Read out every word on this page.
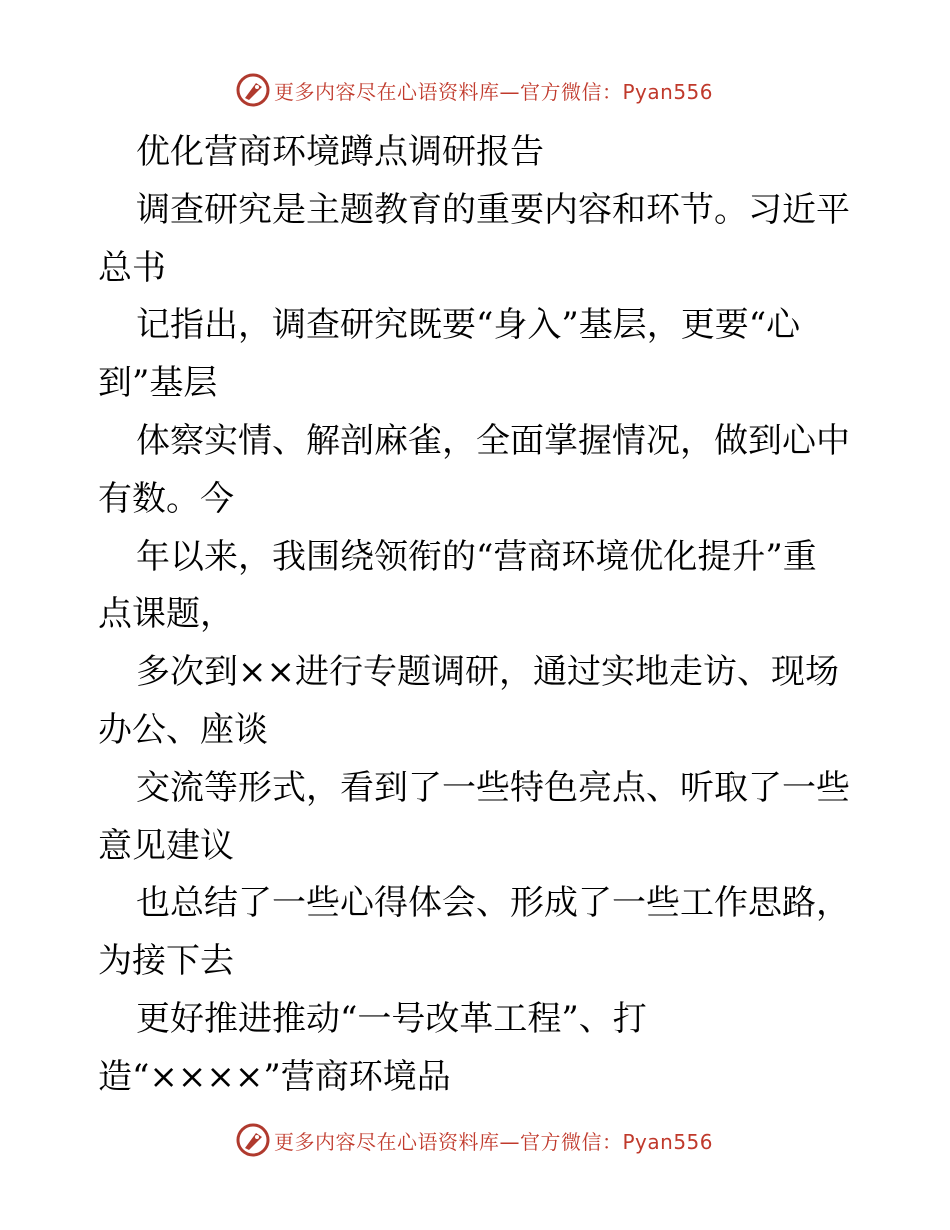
更多内容尽在心语资料库—官方微信：Pyan556
优化营商环境蹲点调研报告
调查研究是主题教育的重要内容和环节。习近平
总书
记指出，调查研究既要“身入”基层，更要“心
到”基层
体察实情、解剖麻雀，全面掌握情况，做到心中
有数。今
年以来，我围绕领衔的“营商环境优化提升”重
点课题，
多次到××进行专题调研，通过实地走访、现场
办公、座谈
交流等形式，看到了一些特色亮点、听取了一些
意见建议
也总结了一些心得体会、形成了一些工作思路，
为接下去
更好推进推动“一号改革工程”、打
造“××××”营商环境品
更多内容尽在心语资料库—官方微信：Pyan556
